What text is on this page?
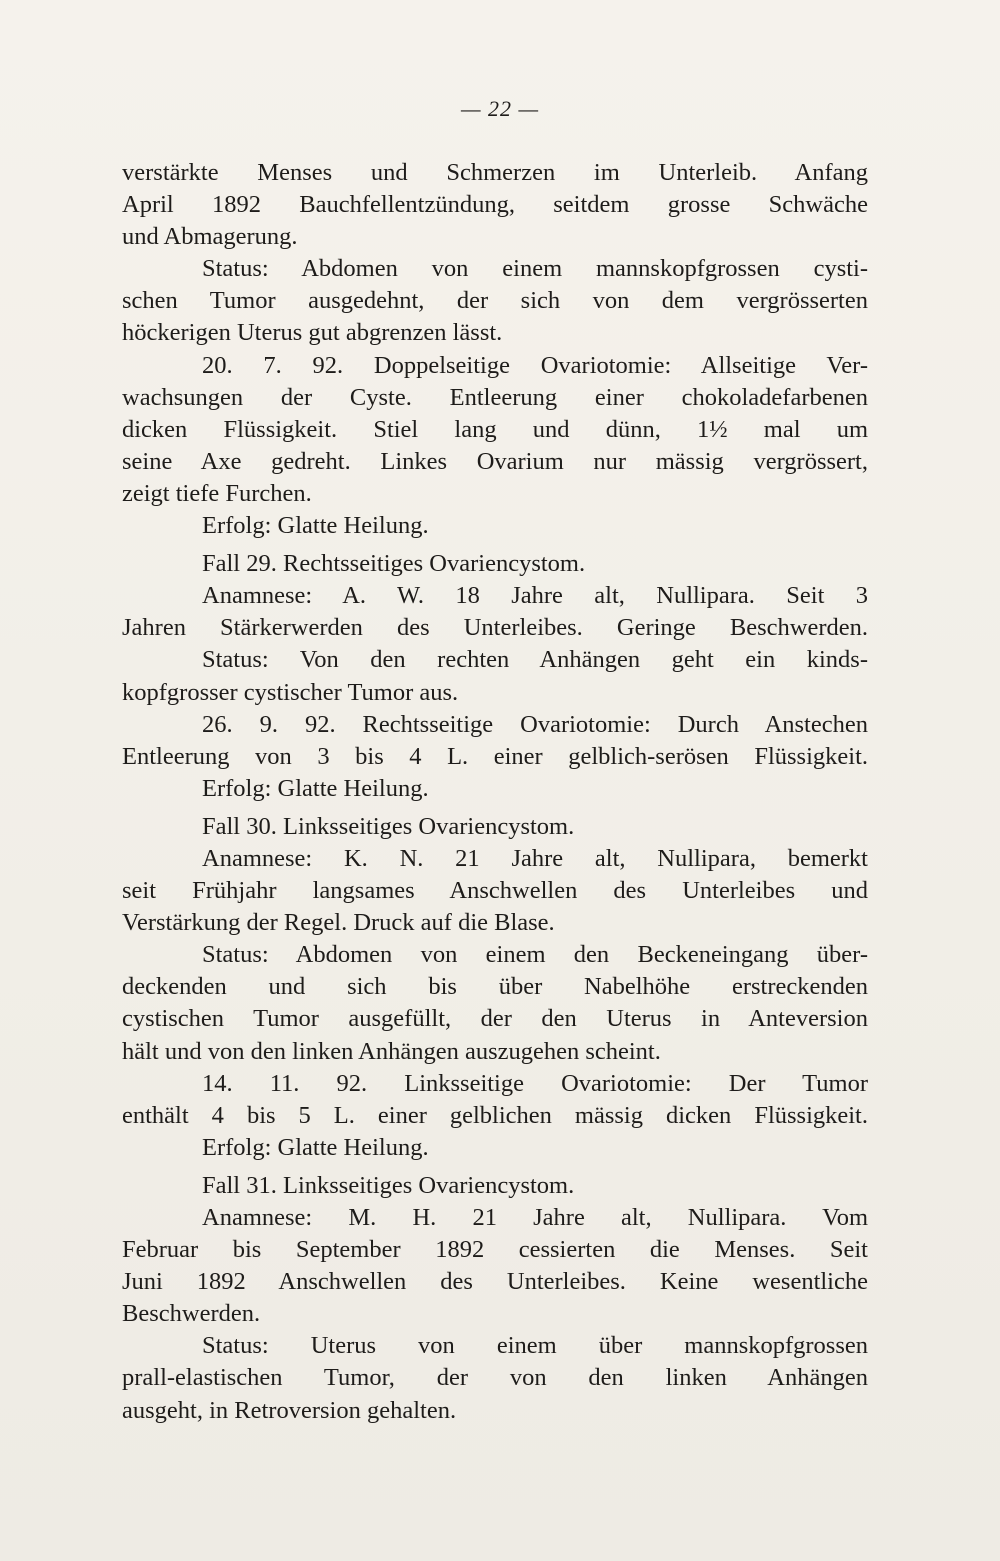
— 22 —
verstärkte Menses und Schmerzen im Unterleib. Anfang
April 1892 Bauchfellentzündung, seitdem grosse Schwäche
und Abmagerung.
Status: Abdomen von einem mannskopfgrossen cysti-
schen Tumor ausgedehnt, der sich von dem vergrösserten
höckerigen Uterus gut abgrenzen lässt.
20. 7. 92. Doppelseitige Ovariotomie: Allseitige Ver-
wachsungen der Cyste. Entleerung einer chokoladefarbenen
dicken Flüssigkeit. Stiel lang und dünn, 1½ mal um
seine Axe gedreht. Linkes Ovarium nur mässig vergrössert,
zeigt tiefe Furchen.
Erfolg: Glatte Heilung.
Fall 29. Rechtsseitiges Ovariencystom.
Anamnese: A. W. 18 Jahre alt, Nullipara. Seit 3
Jahren Stärkerwerden des Unterleibes. Geringe Beschwerden.
Status: Von den rechten Anhängen geht ein kinds-
kopfgrosser cystischer Tumor aus.
26. 9. 92. Rechtsseitige Ovariotomie: Durch Anstechen
Entleerung von 3 bis 4 L. einer gelblich-serösen Flüssigkeit.
Erfolg: Glatte Heilung.
Fall 30. Linksseitiges Ovariencystom.
Anamnese: K. N. 21 Jahre alt, Nullipara, bemerkt
seit Frühjahr langsames Anschwellen des Unterleibes und
Verstärkung der Regel. Druck auf die Blase.
Status: Abdomen von einem den Beckeneingang über-
deckenden und sich bis über Nabelhöhe erstreckenden
cystischen Tumor ausgefüllt, der den Uterus in Anteversion
hält und von den linken Anhängen auszugehen scheint.
14. 11. 92. Linksseitige Ovariotomie: Der Tumor
enthält 4 bis 5 L. einer gelblichen mässig dicken Flüssigkeit.
Erfolg: Glatte Heilung.
Fall 31. Linksseitiges Ovariencystom.
Anamnese: M. H. 21 Jahre alt, Nullipara. Vom
Februar bis September 1892 cessierten die Menses. Seit
Juni 1892 Anschwellen des Unterleibes. Keine wesentliche
Beschwerden.
Status: Uterus von einem über mannskopfgrossen
prall-elastischen Tumor, der von den linken Anhängen
ausgeht, in Retroversion gehalten.
